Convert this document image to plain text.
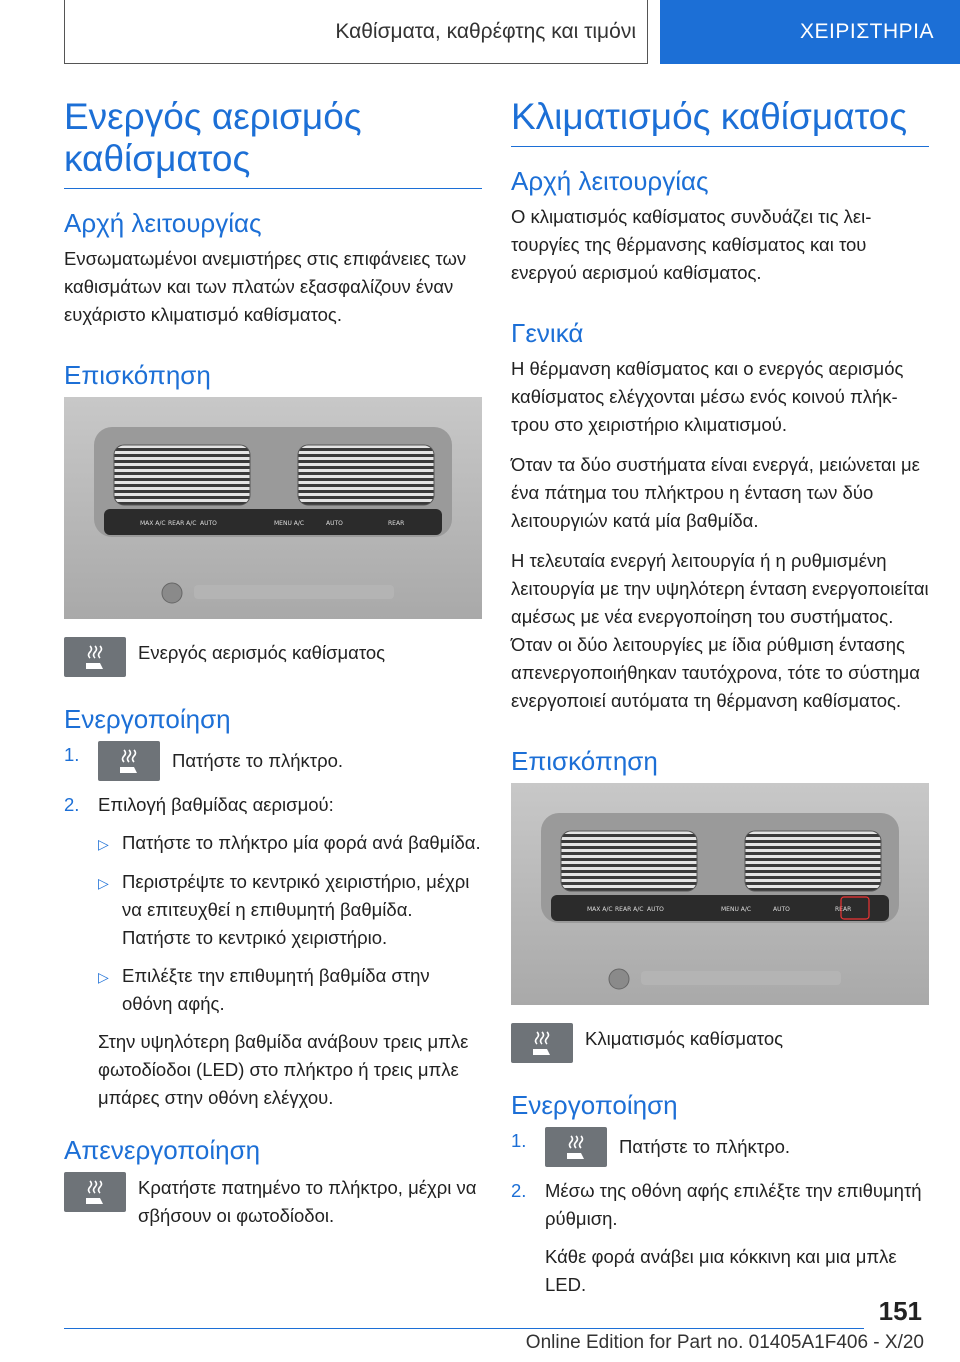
Καθίσματα, καθρέφτης και τιμόνι	ΧΕΙΡΙΣΤΗΡΙΑ
Ενεργός αερισμός καθίσματος
Αρχή λειτουργίας

Ενσωματωμένοι ανεμιστήρες στις επιφάνειες των καθισμάτων και των πλατών εξασφαλίζουν έναν ευχάριστο κλιματισμό καθίσματος.

Επισκόπηση
MAX A/C REAR A/C AUTO	MENU A/C	AUTO	REAR
Ενεργός αερισμός καθίσματος
Ενεργοποίηση
1.	Πατήστε το πλήκτρο.
2.	Επιλογή βαθμίδας αερισμού:
▷ Πατήστε το πλήκτρο μία φορά ανά βαθμίδα.
▷ Περιστρέψτε το κεντρικό χειριστήριο, μέχρι να επιτευχθεί η επιθυμητή βαθμίδα. Πατήστε το κεντρικό χειριστήριο.
▷ Επιλέξτε την επιθυμητή βαθμίδα στην οθόνη αφής.

Στην υψηλότερη βαθμίδα ανάβουν τρεις μπλε φωτοδίοδοι (LED) στο πλήκτρο ή τρεις μπλε μπάρες στην οθόνη ελέγχου.

Απενεργοποίηση
Κρατήστε πατημένο το πλήκτρο, μέχρι να σβήσουν οι φωτοδίοδοι.
Κλιματισμός καθίσματος
Αρχή λειτουργίας

Ο κλιματισμός καθίσματος συνδυάζει τις λειτουργίες της θέρμανσης καθίσματος και του ενεργού αερισμού καθίσματος.

Γενικά

Η θέρμανση καθίσματος και ο ενεργός αερισμός καθίσματος ελέγχονται μέσω ενός κοινού πλήκτρου στο χειριστήριο κλιματισμού.

Όταν τα δύο συστήματα είναι ενεργά, μειώνεται με ένα πάτημα του πλήκτρου η ένταση των δύο λειτουργιών κατά μία βαθμίδα.

Η τελευταία ενεργή λειτουργία ή η ρυθμισμένη λειτουργία με την υψηλότερη ένταση ενεργοποιείται αμέσως με νέα ενεργοποίηση του συστήματος. Όταν οι δύο λειτουργίες με ίδια ρύθμιση έντασης απενεργοποιήθηκαν ταυτόχρονα, τότε το σύστημα ενεργοποιεί αυτόματα τη θέρμανση καθίσματος.

Επισκόπηση
MAX A/C REAR A/C AUTO	MENU A/C	AUTO	REAR
Κλιματισμός καθίσματος
Ενεργοποίηση
1.	Πατήστε το πλήκτρο.
2.	Μέσω της οθόνη αφής επιλέξτε την επιθυμητή ρύθμιση.

Κάθε φορά ανάβει μια κόκκινη και μια μπλε LED.

151
Online Edition for Part no. 01405A1F406 - X/20
